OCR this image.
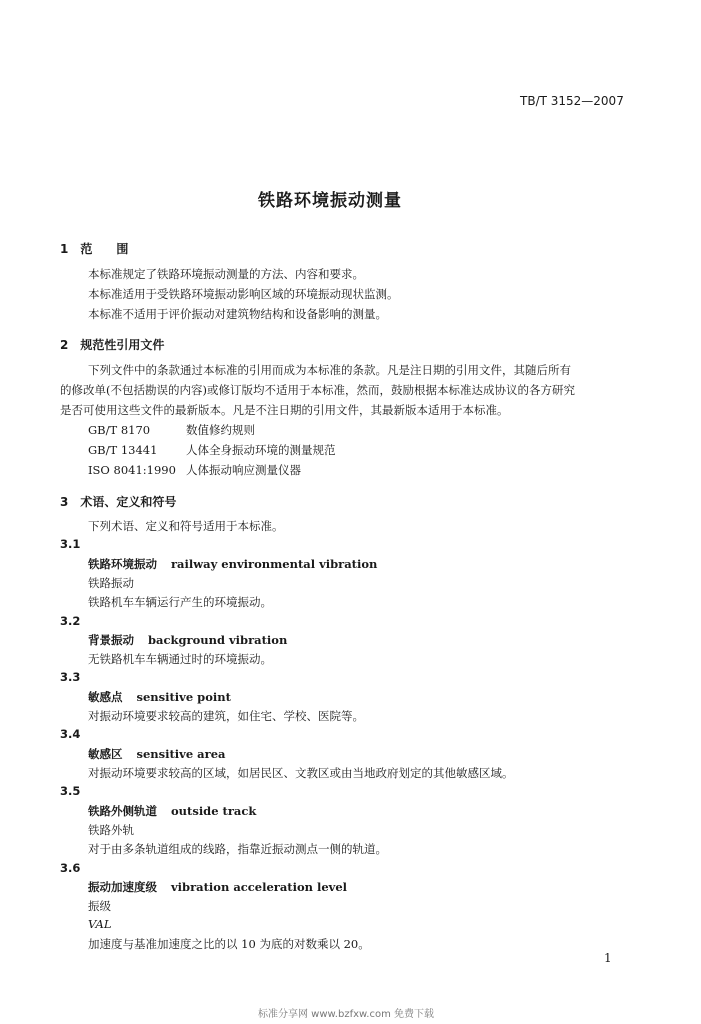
TB/T 3152—2007
铁路环境振动测量
1　范　　围
本标准规定了铁路环境振动测量的方法、内容和要求。
本标准适用于受铁路环境振动影响区域的环境振动现状监测。
本标准不适用于评价振动对建筑物结构和设备影响的测量。
2　规范性引用文件
下列文件中的条款通过本标准的引用而成为本标准的条款。凡是注日期的引用文件，其随后所有
的修改单(不包括勘误的内容)或修订版均不适用于本标准，然而，鼓励根据本标准达成协议的各方研究
是否可使用这些文件的最新版本。凡是不注日期的引用文件，其最新版本适用于本标准。
GB/T 8170	数值修约规则
GB/T 13441 人体全身振动环境的测量规范
ISO 8041:1990 人体振动响应测量仪器
3　术语、定义和符号
下列术语、定义和符号适用于本标准。
3.1
铁路环境振动 railway environmental vibration
铁路振动
铁路机车车辆运行产生的环境振动。
3.2
背景振动 background vibration
无铁路机车车辆通过时的环境振动。
3.3
敏感点 sensitive point
对振动环境要求较高的建筑，如住宅、学校、医院等。
3.4
敏感区 sensitive area
对振动环境要求较高的区域，如居民区、文教区或由当地政府划定的其他敏感区域。
3.5
铁路外侧轨道 outside track
铁路外轨
对于由多条轨道组成的线路，指靠近振动测点一侧的轨道。
3.6
振动加速度级 vibration acceleration level
振级
VAL
加速度与基准加速度之比的以 10 为底的对数乘以 20。
1
标准分享网 www.bzfxw.com 免费下载
